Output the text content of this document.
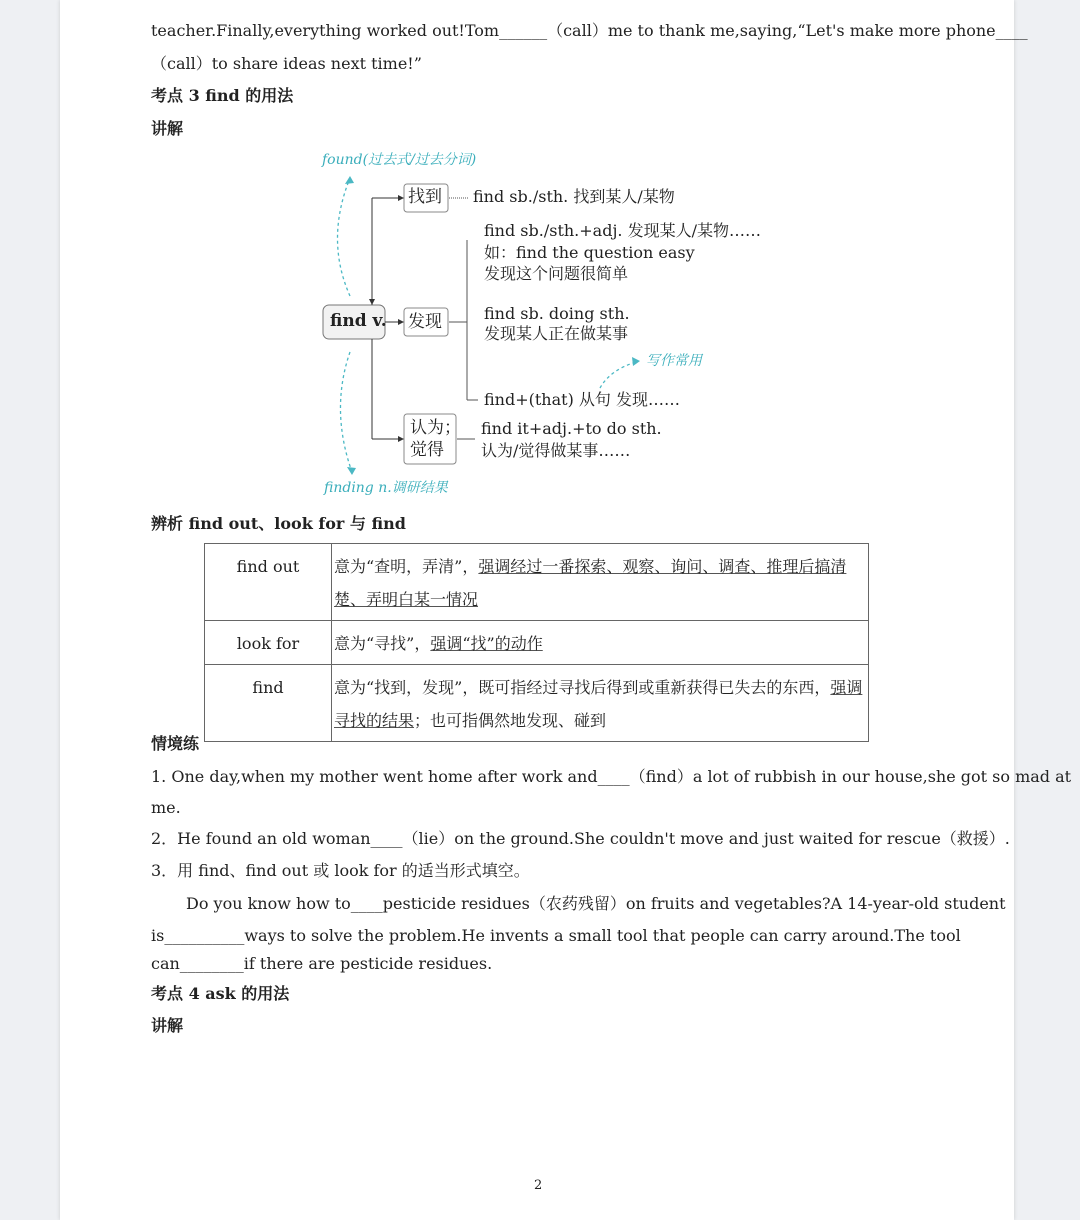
teacher.Finally,everything worked out!Tom______（call）me to thank me,saying,“Let's make more phone____
（call）to share ideas next time!”
考点 3 find 的用法
讲解
find v.
found(过去式/过去分词)
finding n.调研结果
写作常用
找到 find sb./sth. 找到某人/某物
发现
find sb./sth.+adj. 发现某人/某物……
如：find the question easy
发现这个问题很简单
find sb. doing sth.
发现某人正在做某事
find+(that) 从句 发现……
认为；
觉得
find it+adj.+to do sth.
认为/觉得做某事……
辨析 find out、look for 与 find
find out	意为“查明，弄清”，强调经过一番探索、观察、询问、调查、推理后搞清楚、弄明白某一情况
look for	意为“寻找”，强调“找”的动作
find	意为“找到，发现”，既可指经过寻找后得到或重新获得已失去的东西，强调寻找的结果；也可指偶然地发现、碰到
情境练
1. One day,when my mother went home after work and____（find）a lot of rubbish in our house,she got so mad at
me.
2．He found an old woman____（lie）on the ground.She couldn't move and just waited for rescue（救援）.
3．用 find、find out 或 look for 的适当形式填空。
Do you know how to____pesticide residues（农药残留）on fruits and vegetables?A 14-year-old student
is__________ways to solve the problem.He invents a small tool that people can carry around.The tool
can________if there are pesticide residues.
考点 4 ask 的用法
讲解
2
